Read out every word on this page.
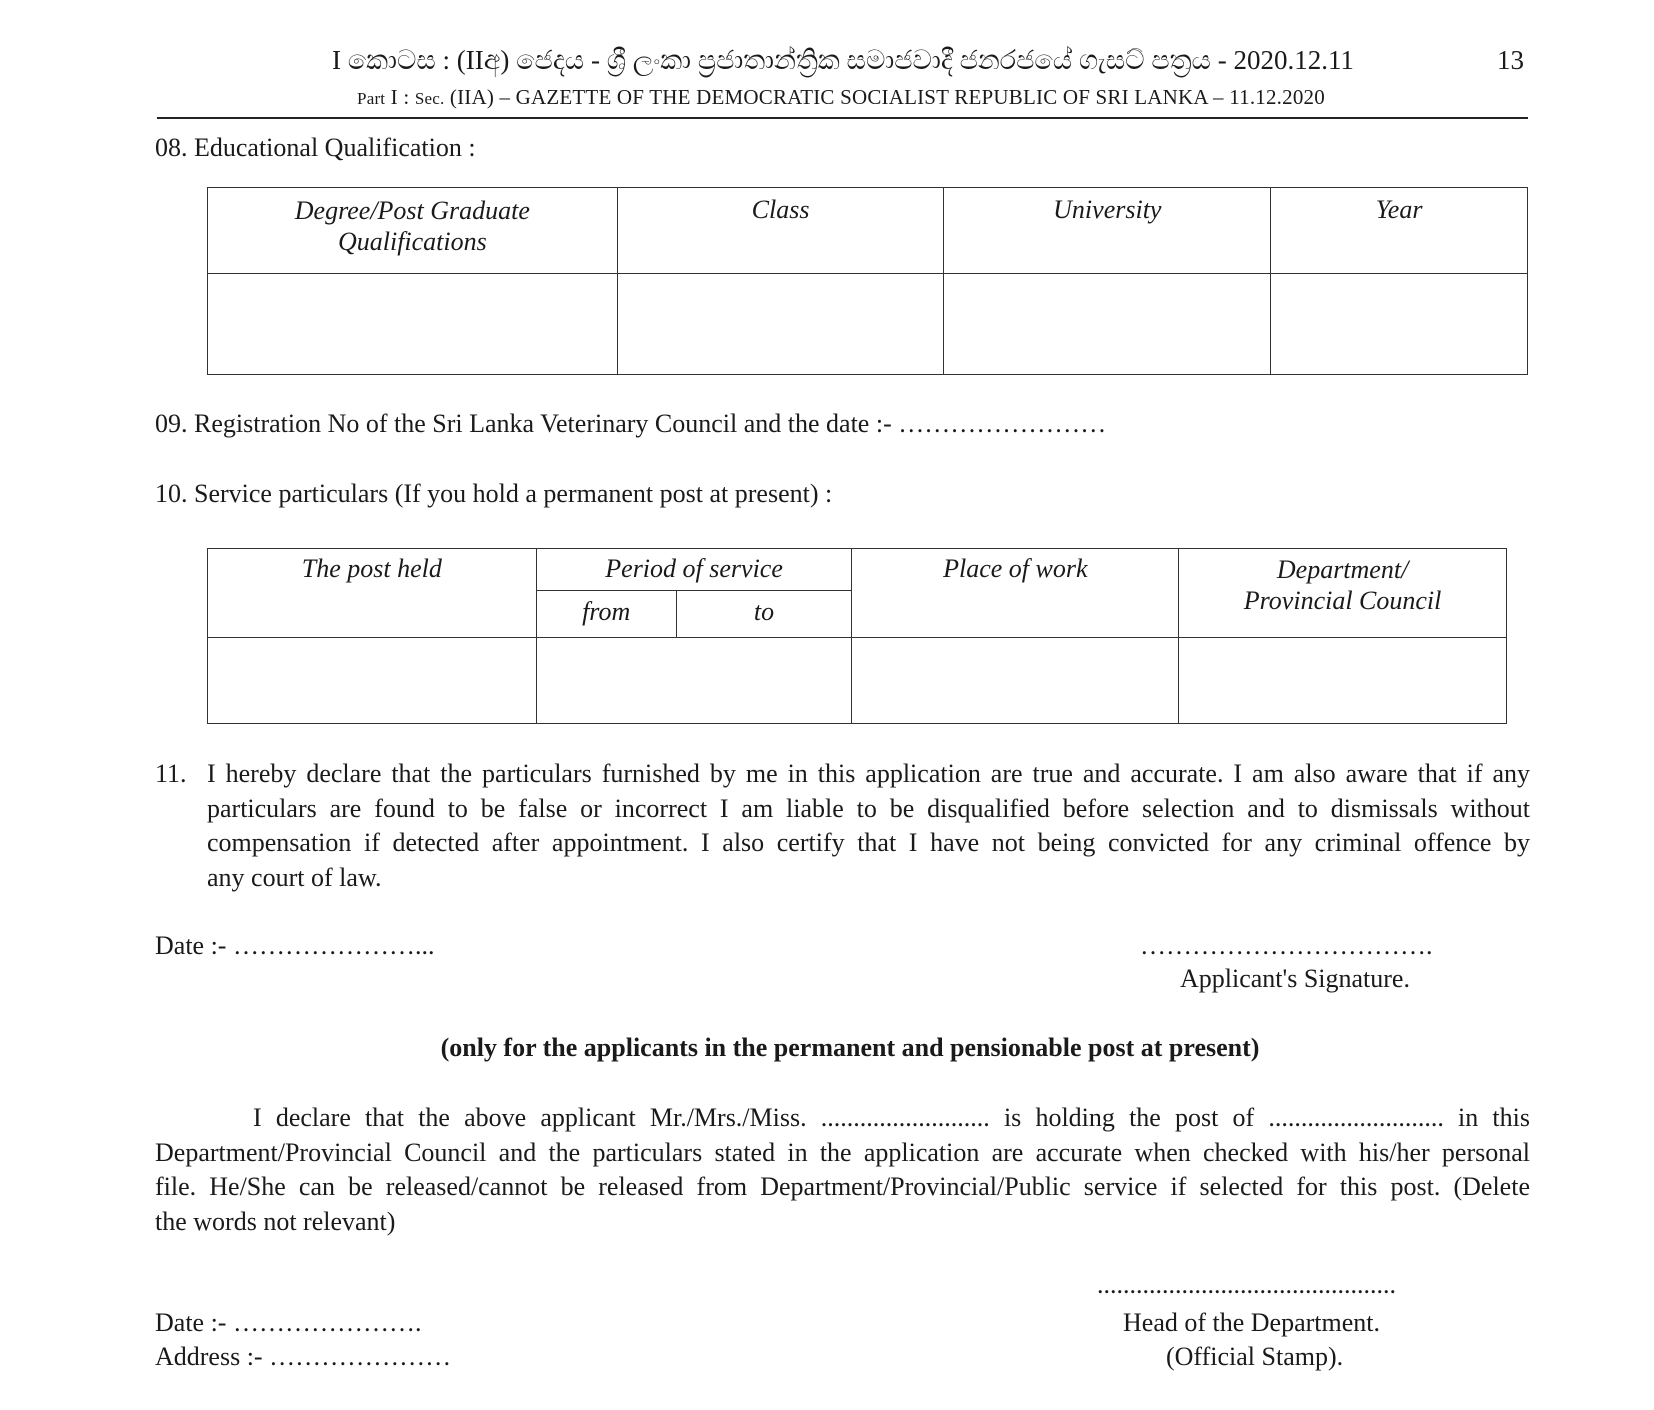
I කොටස : (IIඅ) ජෙදය - ශ්‍රී ලංකා ප්‍රජාතාන්ත්‍රික සමාජවාදී ජනරජයේ ගැසට් පත්‍රය - 2020.12.11	13
Part I : Sec. (IIA) – GAZETTE OF THE DEMOCRATIC SOCIALIST REPUBLIC OF SRI LANKA – 11.12.2020
08. Educational Qualification :
Degree/Post Graduate
Qualifications	Class	University	Year

09. Registration No of the Sri Lanka Veterinary Council and the date :- ……………………
10. Service particulars (If you hold a permanent post at present) :
The post held	Period of service		Place of work	Department/
Provincial Council

	from	to		

11. I hereby declare that the particulars furnished by me in this application are true and accurate. I am also aware that if any
particulars are found to be false or incorrect I am liable to be disqualified before selection and to dismissals without
compensation if detected after appointment. I also certify that I have not being convicted for any criminal offence by
any court of law.
Date :- …………………...	…………………………….
Applicant's Signature.
(only for the applicants in the permanent and pensionable post at present)
I declare that the above applicant Mr./Mrs./Miss. .......................... is holding the post of ........................... in this
Department/Provincial Council and the particulars stated in the application are accurate when checked with his/her personal
file. He/She can be released/cannot be released from Department/Provincial/Public service if selected for this post. (Delete
the words not relevant)
Date :- ………………….
Address :- …………………
..............................................
Head of the Department.
(Official Stamp).
